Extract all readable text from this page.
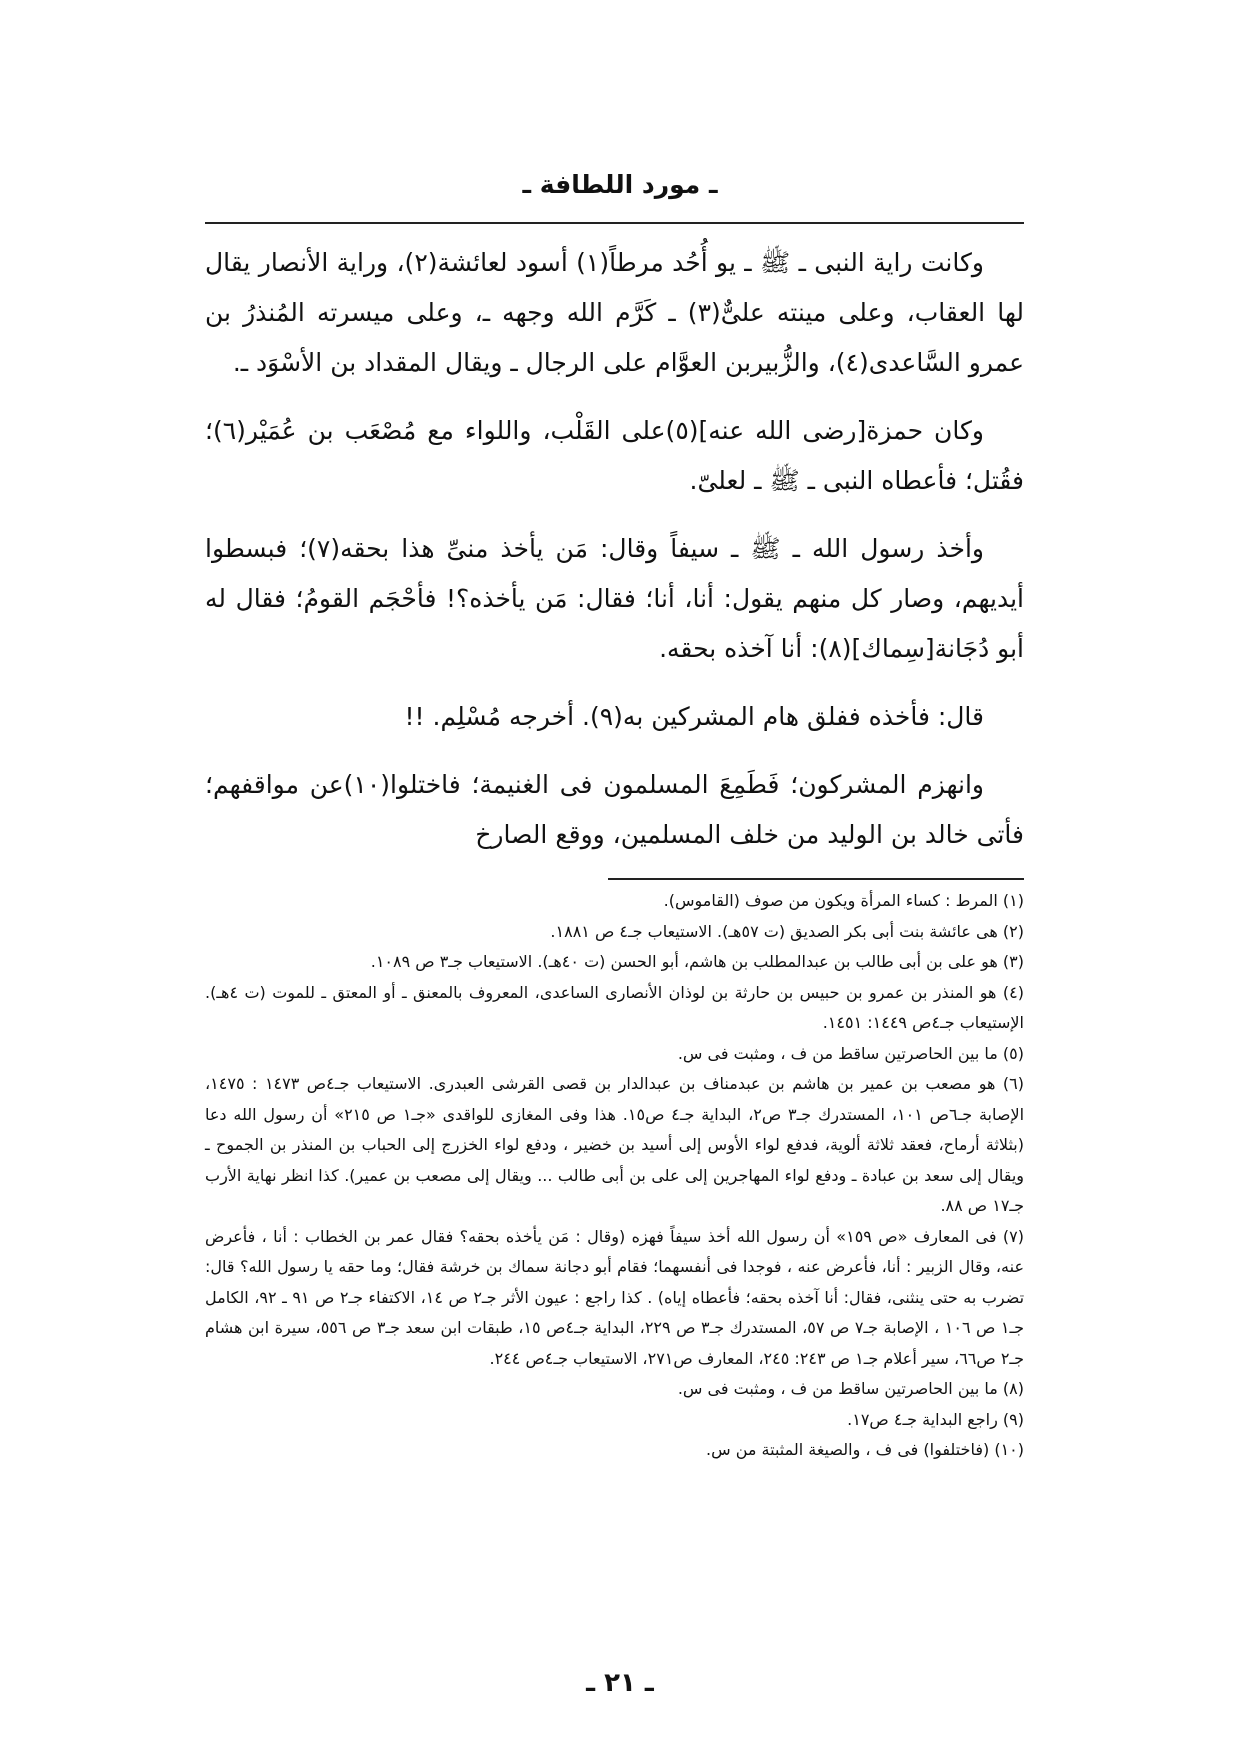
ـ مورد اللطافة ـ

وكانت راية النبى ـ ﷺ ـ يو أُحُد مرطاً(١) أسود لعائشة(٢)، وراية الأنصار يقال لها العقاب، وعلى مينته علىٌّ(٣) ـ كَرَّم الله وجهه ـ، وعلى ميسرته المُنذرُ بن عمرو السَّاعدى(٤)، والزُّبيربن العوَّام على الرجال ـ ويقال المقداد بن الأسْوَد ـ.

وكان حمزة[رضى الله عنه](٥)على القَلْب، واللواء مع مُصْعَب بن عُمَيْر(٦)؛ فقُتل؛ فأعطاه النبى ـ ﷺ ـ لعلىّ.

وأخذ رسول الله ـ ﷺ ـ سيفاً وقال: مَن يأخذ منىِّ هذا بحقه(٧)؛ فبسطوا أيديهم، وصار كل منهم يقول: أنا، أنا؛ فقال: مَن يأخذه؟! فأحْجَم القومُ؛ فقال له أبو دُجَانة[سِماك](٨): أنا آخذه بحقه.

قال: فأخذه ففلق هام المشركين به(٩). أخرجه مُسْلِم. !!

وانهزم المشركون؛ فَطَمِعَ المسلمون فى الغنيمة؛ فاختلوا(١٠)عن مواقفهم؛ فأتى خالد بن الوليد من خلف المسلمين، ووقع الصارخ

(١) المرط : كساء المرأة ويكون من صوف (القاموس).
(٢) هى عائشة بنت أبى بكر الصديق (ت ٥٧هـ). الاستيعاب جـ٤ ص ١٨٨١.
(٣) هو على بن أبى طالب بن عبدالمطلب بن هاشم، أبو الحسن (ت ٤٠هـ). الاستيعاب جـ٣ ص ١٠٨٩.
(٤) هو المنذر بن عمرو بن حبيس بن حارثة بن لوذان الأنصارى الساعدى، المعروف بالمعنق ـ أو المعتق ـ للموت (ت ٤هـ). الإستيعاب جـ٤ص ١٤٤٩: ١٤٥١.
(٥) ما بين الحاصرتين ساقط من ف ، ومثبت فى س.
(٦) هو مصعب بن عمير بن هاشم بن عبدمناف بن عبدالدار بن قصى القرشى العبدرى. الاستيعاب جـ٤ص ١٤٧٣ : ١٤٧٥، الإصابة جـ٦ص ١٠١، المستدرك جـ٣ ص٢، البداية جـ٤ ص١٥. هذا وفى المغازى للواقدى «جـ١ ص ٢١٥» أن رسول الله دعا (بثلاثة أرماح، فعقد ثلاثة ألوية، فدفع لواء الأوس إلى أسيد بن خضير ، ودفع لواء الخزرج إلى الحباب بن المنذر بن الجموح ـ ويقال إلى سعد بن عبادة ـ ودفع لواء المهاجرين إلى على بن أبى طالب ... ويقال إلى مصعب بن عمير). كذا انظر نهاية الأرب جـ١٧ ص ٨٨.
(٧) فى المعارف «ص ١٥٩» أن رسول الله أخذ سيفاً فهزه (وقال : مَن يأخذه بحقه؟ فقال عمر بن الخطاب : أنا ، فأعرض عنه، وقال الزبير : أنا، فأعرض عنه ، فوجدا فى أنفسهما؛ فقام أبو دجانة سماك بن خرشة فقال؛ وما حقه يا رسول الله؟ قال: تضرب به حتى ينثنى، فقال: أنا آخذه بحقه؛ فأعطاه إياه) . كذا راجع : عيون الأثر جـ٢ ص ١٤، الاكتفاء جـ٢ ص ٩١ ـ ٩٢، الكامل جـ١ ص ١٠٦ ، الإصابة جـ٧ ص ٥٧، المستدرك جـ٣ ص ٢٢٩، البداية جـ٤ص ١٥، طبقات ابن سعد جـ٣ ص ٥٥٦، سيرة ابن هشام جـ٢ ص٦٦، سير أعلام جـ١ ص ٢٤٣: ٢٤٥، المعارف ص٢٧١، الاستيعاب جـ٤ص ٢٤٤.
(٨) ما بين الحاصرتين ساقط من ف ، ومثبت فى س.
(٩) راجع البداية جـ٤ ص١٧.
(١٠) (فاختلفوا) فى ف ، والصيغة المثبتة من س.
ـ ٢١ ـ
